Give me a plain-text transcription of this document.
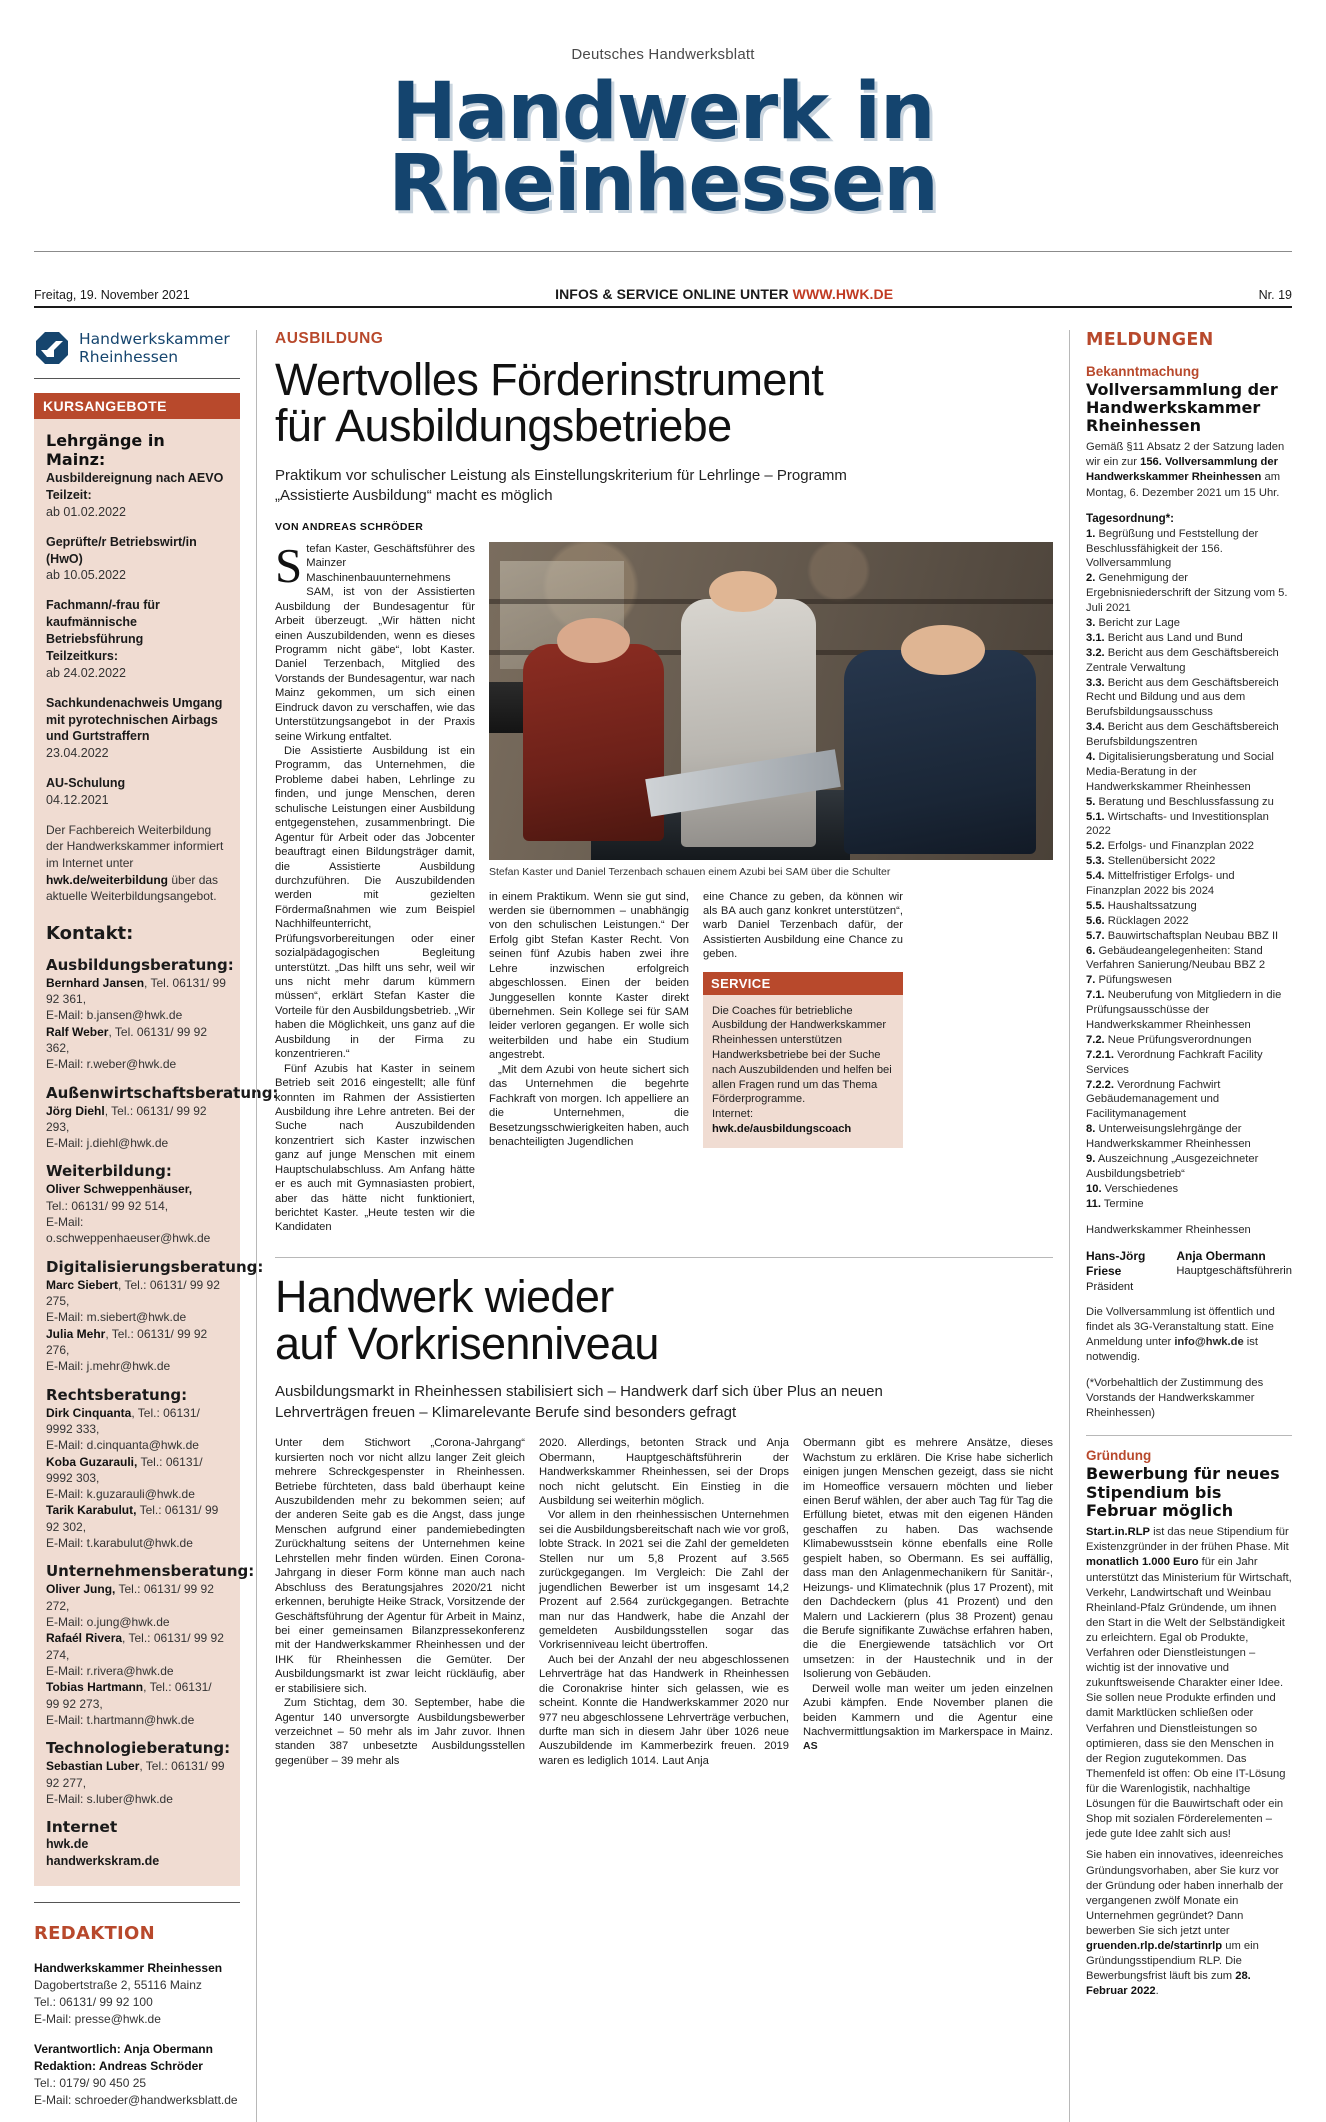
Deutsches Handwerksblatt
Handwerk in
Rheinhessen
Freitag, 19. November 2021	INFOS & SERVICE ONLINE UNTER WWW.HWK.DE	Nr. 19
Handwerkskammer
Rheinhessen
KURSANGEBOTE
Lehrgänge in Mainz:
Ausbildereignung nach AEVO
Teilzeit:
ab 01.02.2022
Geprüfte/r Betriebswirt/in (HwO)
ab 10.05.2022
Fachmann/-frau für kaufmännische Betriebsführung
Teilzeitkurs:
ab 24.02.2022
Sachkundenachweis Umgang mit pyrotechnischen Airbags und Gurtstraffern
23.04.2022
AU-Schulung
04.12.2021
Der Fachbereich Weiterbildung der Handwerkskammer informiert im Internet unter hwk.de/weiterbildung über das aktuelle Weiterbildungsangebot.
Kontakt:
Ausbildungsberatung:
Bernhard Jansen, Tel. 06131/ 99 92 361,
E-Mail: b.jansen@hwk.de
Ralf Weber, Tel. 06131/ 99 92 362,
E-Mail: r.weber@hwk.de

Außenwirtschaftsberatung:
Jörg Diehl, Tel.: 06131/ 99 92 293,
E-Mail: j.diehl@hwk.de

Weiterbildung:
Oliver Schweppenhäuser,
Tel.: 06131/ 99 92 514,
E-Mail: o.schweppenhaeuser@hwk.de

Digitalisierungsberatung:
Marc Siebert, Tel.: 06131/ 99 92 275,
E-Mail: m.siebert@hwk.de
Julia Mehr, Tel.: 06131/ 99 92 276,
E-Mail: j.mehr@hwk.de

Rechtsberatung:
Dirk Cinquanta, Tel.: 06131/ 9992 333,
E-Mail: d.cinquanta@hwk.de
Koba Guzarauli, Tel.: 06131/ 9992 303,
E-Mail: k.guzarauli@hwk.de
Tarik Karabulut, Tel.: 06131/ 99 92 302,
E-Mail: t.karabulut@hwk.de

Unternehmensberatung:
Oliver Jung, Tel.: 06131/ 99 92 272,
E-Mail: o.jung@hwk.de
Rafaél Rivera, Tel.: 06131/ 99 92 274,
E-Mail: r.rivera@hwk.de
Tobias Hartmann, Tel.: 06131/ 99 92 273,
E-Mail: t.hartmann@hwk.de

Technologieberatung:
Sebastian Luber, Tel.: 06131/ 99 92 277,
E-Mail: s.luber@hwk.de

Internet
hwk.de
handwerkskram.de
REDAKTION
Handwerkskammer Rheinhessen
Dagobertstraße 2, 55116 Mainz
Tel.: 06131/ 99 92 100
E-Mail: presse@hwk.de
Verantwortlich: Anja Obermann
Redaktion: Andreas Schröder
Tel.: 0179/ 90 450 25
E-Mail: schroeder@handwerksblatt.de
AUSBILDUNG
Wertvolles Förderinstrument
für Ausbildungsbetriebe
Praktikum vor schulischer Leistung als Einstellungskriterium für Lehrlinge – Programm
„Assistierte Ausbildung“ macht es möglich
VON ANDREAS SCHRÖDER

Stefan Kaster, Geschäftsführer des Mainzer Maschinenbauunternehmens SAM, ist von der Assistierten Ausbildung der Bundesagentur für Arbeit überzeugt. „Wir hätten nicht einen Auszubildenden, wenn es dieses Programm nicht gäbe“, lobt Kaster. Daniel Terzenbach, Mitglied des Vorstands der Bundesagentur, war nach Mainz gekommen, um sich einen Eindruck davon zu verschaffen, wie das Unterstützungsangebot in der Praxis seine Wirkung entfaltet.

Die Assistierte Ausbildung ist ein Programm, das Unternehmen, die Probleme dabei haben, Lehrlinge zu finden, und junge Menschen, deren schulische Leistungen einer Ausbildung entgegenstehen, zusammenbringt. Die Agentur für Arbeit oder das Jobcenter beauftragt einen Bildungsträger damit, die Assistierte Ausbildung durchzuführen. Die Auszubildenden werden mit gezielten Fördermaßnahmen wie zum Beispiel Nachhilfeunterricht, Prüfungsvorbereitungen oder einer sozialpädagogischen Begleitung unterstützt. „Das hilft uns sehr, weil wir uns nicht mehr darum kümmern müssen“, erklärt Stefan Kaster die Vorteile für den Ausbildungsbetrieb. „Wir haben die Möglichkeit, uns ganz auf die Ausbildung in der Firma zu konzentrieren.“

Fünf Azubis hat Kaster in seinem Betrieb seit 2016 eingestellt; alle fünf konnten im Rahmen der Assistierten Ausbildung ihre Lehre antreten. Bei der Suche nach Auszubildenden konzentriert sich Kaster inzwischen ganz auf junge Menschen mit einem Hauptschulabschluss. Am Anfang hätte er es auch mit Gymnasiasten probiert, aber das hätte nicht funktioniert, berichtet Kaster. „Heute testen wir die Kandidaten

Stefan Kaster und Daniel Terzenbach schauen einem Azubi bei SAM über die Schulter

in einem Praktikum. Wenn sie gut sind, werden sie übernommen – unabhängig von den schulischen Leistungen.“ Der Erfolg gibt Stefan Kaster Recht. Von seinen fünf Azubis haben zwei ihre Lehre inzwischen erfolgreich abgeschlossen. Einen der beiden Junggesellen konnte Kaster direkt übernehmen. Sein Kollege sei für SAM leider verloren gegangen. Er wolle sich weiterbilden und habe ein Studium angestrebt.

„Mit dem Azubi von heute sichert sich das Unternehmen die begehrte Fachkraft von morgen. Ich appelliere an die Unternehmen, die Besetzungsschwierigkeiten haben, auch benachteiligten Jugendlichen

eine Chance zu geben, da können wir als BA auch ganz konkret unterstützen“, warb Daniel Terzenbach dafür, der Assistierten Ausbildung eine Chance zu geben.

SERVICE
Die Coaches für betriebliche Ausbildung der Handwerkskammer Rheinhessen unterstützen Handwerksbetriebe bei der Suche nach Auszubildenden und helfen bei allen Fragen rund um das Thema Förderprogramme.
Internet: hwk.de/ausbildungscoach
Handwerk wieder
auf Vorkrisenniveau
Ausbildungsmarkt in Rheinhessen stabilisiert sich – Handwerk darf sich über Plus an neuen
Lehrverträgen freuen – Klimarelevante Berufe sind besonders gefragt

Unter dem Stichwort „Corona-Jahrgang“ kursierten noch vor nicht allzu langer Zeit gleich mehrere Schreckgespenster in Rheinhessen. Betriebe fürchteten, dass bald überhaupt keine Auszubildenden mehr zu bekommen seien; auf der anderen Seite gab es die Angst, dass junge Menschen aufgrund einer pandemiebedingten Zurückhaltung seitens der Unternehmen keine Lehrstellen mehr finden würden. Einen Corona-Jahrgang in dieser Form könne man auch nach Abschluss des Beratungsjahres 2020/21 nicht erkennen, beruhigte Heike Strack, Vorsitzende der Geschäftsführung der Agentur für Arbeit in Mainz, bei einer gemeinsamen Bilanzpressekonferenz mit der Handwerkskammer Rheinhessen und der IHK für Rheinhessen die Gemüter. Der Ausbildungsmarkt ist zwar leicht rückläufig, aber er stabilisiere sich.

Zum Stichtag, dem 30. September, habe die Agentur 140 unversorgte Ausbildungsbewerber verzeichnet – 50 mehr als im Jahr zuvor. Ihnen standen 387 unbesetzte Ausbildungsstellen gegenüber – 39 mehr als

2020. Allerdings, betonten Strack und Anja Obermann, Hauptgeschäftsführerin der Handwerkskammer Rheinhessen, sei der Drops noch nicht gelutscht. Ein Einstieg in die Ausbildung sei weiterhin möglich.

Vor allem in den rheinhessischen Unternehmen sei die Ausbildungsbereitschaft nach wie vor groß, lobte Strack. In 2021 sei die Zahl der gemeldeten Stellen nur um 5,8 Prozent auf 3.565 zurückgegangen. Im Vergleich: Die Zahl der jugendlichen Bewerber ist um insgesamt 14,2 Prozent auf 2.564 zurückgegangen. Betrachte man nur das Handwerk, habe die Anzahl der gemeldeten Ausbildungsstellen sogar das Vorkrisenniveau leicht übertroffen.

Auch bei der Anzahl der neu abgeschlossenen Lehrverträge hat das Handwerk in Rheinhessen die Coronakrise hinter sich gelassen, wie es scheint. Konnte die Handwerkskammer 2020 nur 977 neu abgeschlossene Lehrverträge verbuchen, durfte man sich in diesem Jahr über 1026 neue Auszubildende im Kammerbezirk freuen. 2019 waren es lediglich 1014. Laut Anja

Obermann gibt es mehrere Ansätze, dieses Wachstum zu erklären. Die Krise habe sicherlich einigen jungen Menschen gezeigt, dass sie nicht im Homeoffice versauern möchten und lieber einen Beruf wählen, der aber auch Tag für Tag die Erfüllung bietet, etwas mit den eigenen Händen geschaffen zu haben. Das wachsende Klimabewusstsein könne ebenfalls eine Rolle gespielt haben, so Obermann. Es sei auffällig, dass man den Anlagenmechanikern für Sanitär-, Heizungs- und Klimatechnik (plus 17 Prozent), mit den Dachdeckern (plus 41 Prozent) und den Malern und Lackierern (plus 38 Prozent) genau die Berufe signifikante Zuwächse erfahren haben, die die Energiewende tatsächlich vor Ort umsetzen: in der Haustechnik und in der Isolierung von Gebäuden.

Derweil wolle man weiter um jeden einzelnen Azubi kämpfen. Ende November planen die beiden Kammern und die Agentur eine Nachvermittlungsaktion im Markerspace in Mainz. AS

MELDUNGEN
Bekanntmachung
Vollversammlung der Handwerkskammer Rheinhessen
Gemäß §11 Absatz 2 der Satzung laden wir ein zur 156. Vollversammlung der Handwerkskammer Rheinhessen am Montag, 6. Dezember 2021 um 15 Uhr.
Tagesordnung*:
1. Begrüßung und Feststellung der Beschlussfähigkeit der 156. Vollversammlung
2. Genehmigung der Ergebnisniederschrift der Sitzung vom 5. Juli 2021
3. Bericht zur Lage
3.1. Bericht aus Land und Bund
3.2. Bericht aus dem Geschäftsbereich Zentrale Verwaltung
3.3. Bericht aus dem Geschäftsbereich Recht und Bildung und aus dem Berufsbildungsausschuss
3.4. Bericht aus dem Geschäftsbereich Berufsbildungszentren
4. Digitalisierungsberatung und Social Media-Beratung in der Handwerkskammer Rheinhessen
5. Beratung und Beschlussfassung zu
5.1. Wirtschafts- und Investitionsplan 2022
5.2. Erfolgs- und Finanzplan 2022
5.3. Stellenübersicht 2022
5.4. Mittelfristiger Erfolgs- und Finanzplan 2022 bis 2024
5.5. Haushaltssatzung
5.6. Rücklagen 2022
5.7. Bauwirtschaftsplan Neubau BBZ II
6. Gebäudeangelegenheiten: Stand Verfahren Sanierung/Neubau BBZ 2
7. Püfungswesen
7.1. Neuberufung von Mitgliedern in die Prüfungsausschüsse der Handwerkskammer Rheinhessen
7.2. Neue Prüfungsverordnungen
7.2.1. Verordnung Fachkraft Facility Services
7.2.2. Verordnung Fachwirt Gebäudemanagement und Facilitymanagement
8. Unterweisungslehrgänge der Handwerkskammer Rheinhessen
9. Auszeichnung „Ausgezeichneter Ausbildungsbetrieb“
10. Verschiedenes
11. Termine
Handwerkskammer Rheinhessen
Hans-Jörg Friese
Präsident
Anja Obermann
Hauptgeschäftsführerin
Die Vollversammlung ist öffentlich und findet als 3G-Veranstaltung statt. Eine Anmeldung unter info@hwk.de ist notwendig.
(*Vorbehaltlich der Zustimmung des Vorstands der Handwerkskammer Rheinhessen)
Gründung
Bewerbung für neues Stipendium bis Februar möglich
Start.in.RLP ist das neue Stipendium für Existenzgründer in der frühen Phase. Mit monatlich 1.000 Euro für ein Jahr unterstützt das Ministerium für Wirtschaft, Verkehr, Landwirtschaft und Weinbau Rheinland-Pfalz Gründende, um ihnen den Start in die Welt der Selbständigkeit zu erleichtern. Egal ob Produkte, Verfahren oder Dienstleistungen – wichtig ist der innovative und zukunftsweisende Charakter einer Idee. Sie sollen neue Produkte erfinden und damit Marktlücken schließen oder Verfahren und Dienstleistungen so optimieren, dass sie den Menschen in der Region zugutekommen. Das Themenfeld ist offen: Ob eine IT-Lösung für die Warenlogistik, nachhaltige Lösungen für die Bauwirtschaft oder ein Shop mit sozialen Förderelementen – jede gute Idee zahlt sich aus!
Sie haben ein innovatives, ideenreiches Gründungsvorhaben, aber Sie kurz vor der Gründung oder haben innerhalb der vergangenen zwölf Monate ein Unternehmen gegründet? Dann bewerben Sie sich jetzt unter gruenden.rlp.de/startinrlp um ein Gründungsstipendium RLP. Die Bewerbungsfrist läuft bis zum 28. Februar 2022.
